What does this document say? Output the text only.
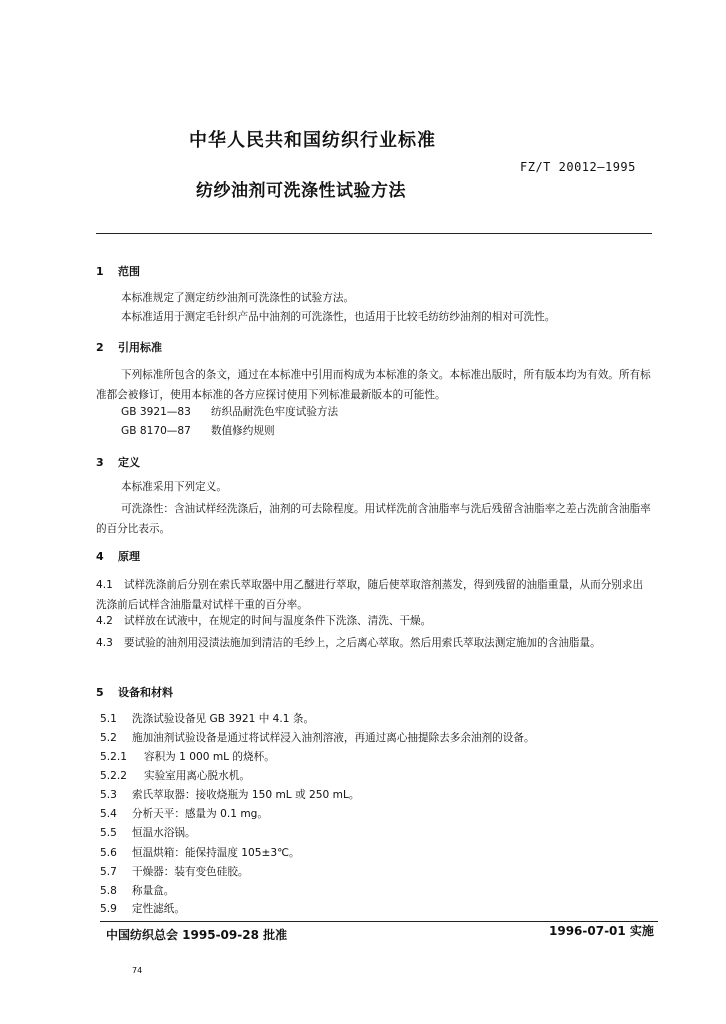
中华人民共和国纺织行业标准
FZ/T 20012—1995
纺纱油剂可洗涤性试验方法
1 范围
本标准规定了测定纺纱油剂可洗涤性的试验方法。
本标准适用于测定毛针织产品中油剂的可洗涤性，也适用于比较毛纺纺纱油剂的相对可洗性。
2 引用标准
下列标准所包含的条文，通过在本标准中引用而构成为本标准的条文。本标准出版时，所有版本均为有效。所有标准都会被修订，使用本标准的各方应探讨使用下列标准最新版本的可能性。
GB 3921—83 纺织品耐洗色牢度试验方法
GB 8170—87 数值修约规则
3 定义
本标准采用下列定义。
可洗涤性：含油试样经洗涤后，油剂的可去除程度。用试样洗前含油脂率与洗后残留含油脂率之差占洗前含油脂率的百分比表示。
4 原理
4.1 试样洗涤前后分别在索氏萃取器中用乙醚进行萃取，随后使萃取溶剂蒸发，得到残留的油脂重量，从而分别求出洗涤前后试样含油脂量对试样干重的百分率。
4.2 试样放在试液中，在规定的时间与温度条件下洗涤、清洗、干燥。
4.3 要试验的油剂用浸渍法施加到清洁的毛纱上，之后离心萃取。然后用索氏萃取法测定施加的含油脂量。
5 设备和材料
5.1 洗涤试验设备见 GB 3921 中 4.1 条。
5.2 施加油剂试验设备是通过将试样浸入油剂溶液，再通过离心抽提除去多余油剂的设备。
5.2.1 容积为 1 000 mL 的烧杯。
5.2.2 实验室用离心脱水机。
5.3 索氏萃取器：接收烧瓶为 150 mL 或 250 mL。
5.4 分析天平：感量为 0.1 mg。
5.5 恒温水浴锅。
5.6 恒温烘箱：能保持温度 105±3℃。
5.7 干燥器：装有变色硅胶。
5.8 称量盒。
5.9 定性滤纸。
中国纺织总会 1995-09-28 批准	1996-07-01 实施
74
